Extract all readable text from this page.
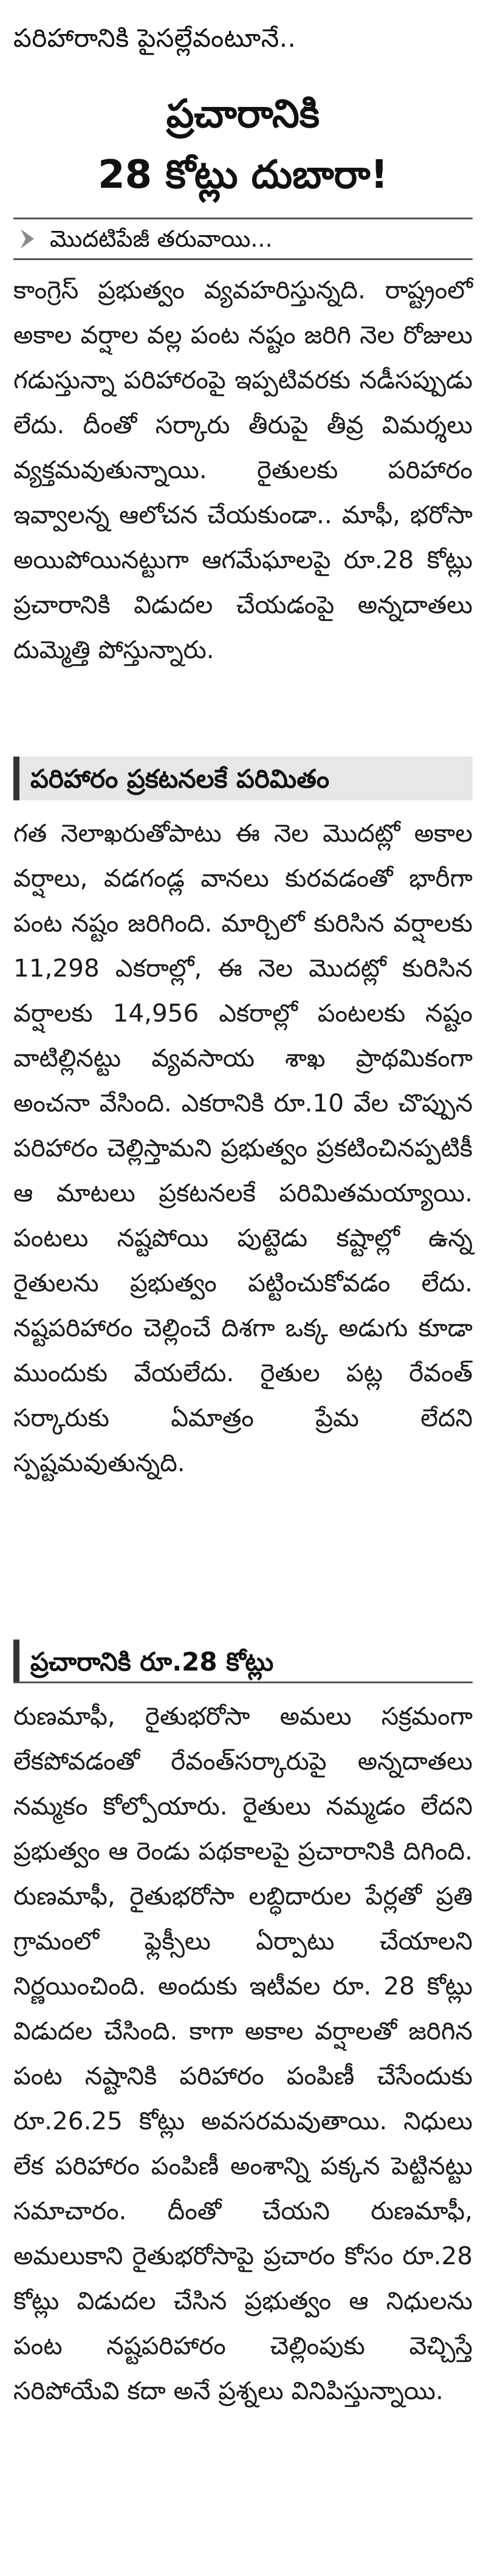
పరిహారానికి పైసల్లేవంటూనే..
ప్రచారానికి
28 కోట్లు దుబారా!
మొదటిపేజీ తరువాయి...

కాంగ్రెస్ ప్రభుత్వం వ్యవహరిస్తున్నది. రాష్ట్రంలో అకాల వర్షాల వల్ల పంట నష్టం జరిగి నెల రోజులు గడుస్తున్నా పరిహారంపై ఇప్పటివరకు నడీసప్పుడు లేదు. దీంతో సర్కారు తీరుపై తీవ్ర విమర్శలు వ్యక్తమవుతున్నాయి. రైతులకు పరిహారం ఇవ్వాలన్న ఆలోచన చేయకుండా.. మాఫీ, భరోసా అయిపోయినట్టుగా ఆగమేఘాలపై రూ.28 కోట్లు ప్రచారానికి విడుదల చేయడంపై అన్నదాతలు దుమ్మెత్తి పోస్తున్నారు.

పరిహారం ప్రకటనలకే పరిమితం

గత నెలాఖరుతోపాటు ఈ నెల మొదట్లో అకాల వర్షాలు, వడగండ్ల వానలు కురవడంతో భారీగా పంట నష్టం జరిగింది. మార్చిలో కురిసిన వర్షాలకు 11,298 ఎకరాల్లో, ఈ నెల మొదట్లో కురిసిన వర్షాలకు 14,956 ఎకరాల్లో పంటలకు నష్టం వాటిల్లినట్టు వ్యవసాయ శాఖ ప్రాథమికంగా అంచనా వేసింది. ఎకరానికి రూ.10 వేల చొప్పున పరిహారం చెల్లిస్తామని ప్రభుత్వం ప్రకటించినప్పటికీ ఆ మాటలు ప్రకటనలకే పరిమితమయ్యాయి. పంటలు నష్టపోయి పుట్టెడు కష్టాల్లో ఉన్న రైతులను ప్రభుత్వం పట్టించుకోవడం లేదు. నష్టపరిహారం చెల్లించే దిశగా ఒక్క అడుగు కూడా ముందుకు వేయలేదు. రైతుల పట్ల రేవంత్ సర్కారుకు ఏమాత్రం ప్రేమ లేదని స్పష్టమవుతున్నది.

ప్రచారానికి రూ.28 కోట్లు

రుణమాఫీ, రైతుభరోసా అమలు సక్రమంగా లేకపోవడంతో రేవంత్‌సర్కారుపై అన్నదాతలు నమ్మకం కోల్పోయారు. రైతులు నమ్మడం లేదని ప్రభుత్వం ఆ రెండు పథకాలపై ప్రచారానికి దిగింది. రుణమాఫీ, రైతుభరోసా లబ్ధిదారుల పేర్లతో ప్రతి గ్రామంలో ఫ్లెక్సీలు ఏర్పాటు చేయాలని నిర్ణయించింది. అందుకు ఇటీవల రూ. 28 కోట్లు విడుదల చేసింది. కాగా అకాల వర్షాలతో జరిగిన పంట నష్టానికి పరిహారం పంపిణీ చేసేందుకు రూ.26.25 కోట్లు అవసరమవుతాయి. నిధులు లేక పరిహారం పంపిణీ అంశాన్ని పక్కన పెట్టినట్టు సమాచారం. దీంతో చేయని రుణమాఫీ, అమలుకాని రైతుభరోసాపై ప్రచారం కోసం రూ.28 కోట్లు విడుదల చేసిన ప్రభుత్వం ఆ నిధులను పంట నష్టపరిహారం చెల్లింపుకు వెచ్చిస్తే సరిపోయేవి కదా అనే ప్రశ్నలు వినిపిస్తున్నాయి.
